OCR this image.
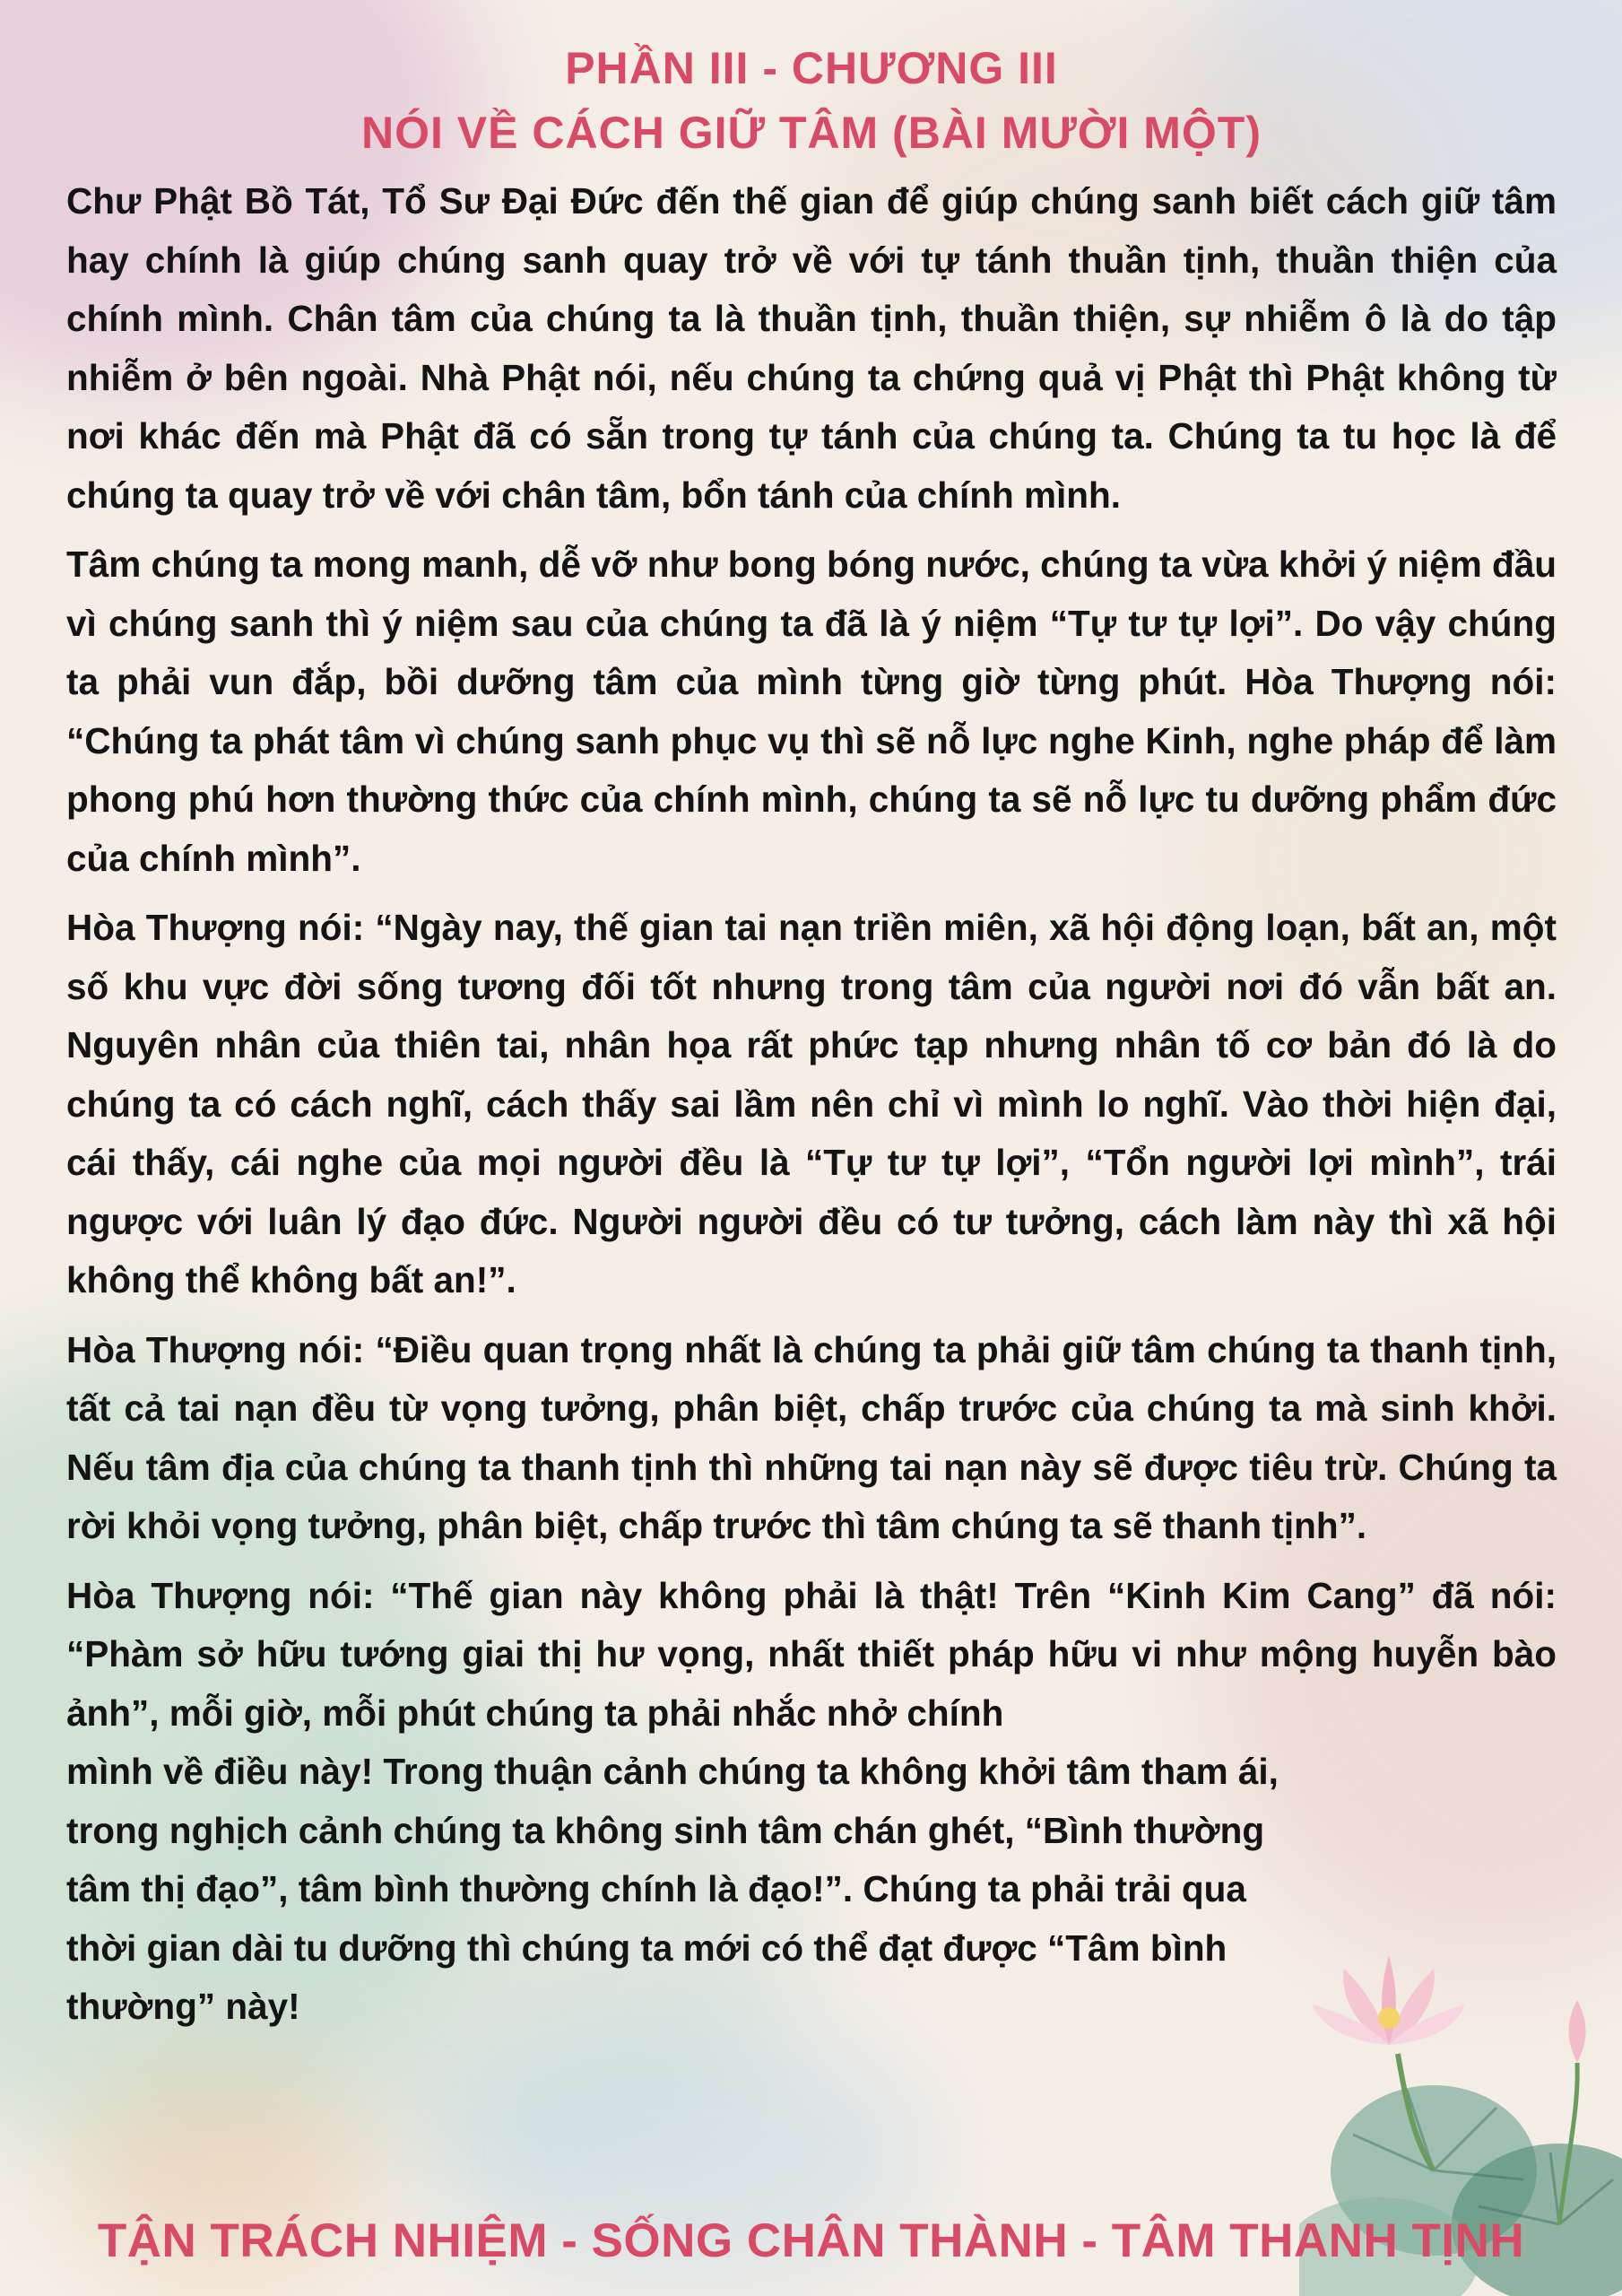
PHẦN III - CHƯƠNG III
NÓI VỀ CÁCH GIỮ TÂM (BÀI MƯỜI MỘT)

Chư Phật Bồ Tát, Tổ Sư Đại Đức đến thế gian để giúp chúng sanh biết cách giữ tâm hay chính là giúp chúng sanh quay trở về với tự tánh thuần tịnh, thuần thiện của chính mình. Chân tâm của chúng ta là thuần tịnh, thuần thiện, sự nhiễm ô là do tập nhiễm ở bên ngoài. Nhà Phật nói, nếu chúng ta chứng quả vị Phật thì Phật không từ nơi khác đến mà Phật đã có sẵn trong tự tánh của chúng ta. Chúng ta tu học là để chúng ta quay trở về với chân tâm, bổn tánh của chính mình.

Tâm chúng ta mong manh, dễ vỡ như bong bóng nước, chúng ta vừa khởi ý niệm đầu vì chúng sanh thì ý niệm sau của chúng ta đã là ý niệm “Tự tư tự lợi”. Do vậy chúng ta phải vun đắp, bồi dưỡng tâm của mình từng giờ từng phút. Hòa Thượng nói: “Chúng ta phát tâm vì chúng sanh phục vụ thì sẽ nỗ lực nghe Kinh, nghe pháp để làm phong phú hơn thường thức của chính mình, chúng ta sẽ nỗ lực tu dưỡng phẩm đức của chính mình”.

Hòa Thượng nói: “Ngày nay, thế gian tai nạn triền miên, xã hội động loạn, bất an, một số khu vực đời sống tương đối tốt nhưng trong tâm của người nơi đó vẫn bất an. Nguyên nhân của thiên tai, nhân họa rất phức tạp nhưng nhân tố cơ bản đó là do chúng ta có cách nghĩ, cách thấy sai lầm nên chỉ vì mình lo nghĩ. Vào thời hiện đại, cái thấy, cái nghe của mọi người đều là “Tự tư tự lợi”, “Tổn người lợi mình”, trái ngược với luân lý đạo đức. Người người đều có tư tưởng, cách làm này thì xã hội không thể không bất an!”.

Hòa Thượng nói: “Điều quan trọng nhất là chúng ta phải giữ tâm chúng ta thanh tịnh, tất cả tai nạn đều từ vọng tưởng, phân biệt, chấp trước của chúng ta mà sinh khởi. Nếu tâm địa của chúng ta thanh tịnh thì những tai nạn này sẽ được tiêu trừ. Chúng ta rời khỏi vọng tưởng, phân biệt, chấp trước thì tâm chúng ta sẽ thanh tịnh”.

Hòa Thượng nói: “Thế gian này không phải là thật! Trên “Kinh Kim Cang” đã nói: “Phàm sở hữu tướng giai thị hư vọng, nhất thiết pháp hữu vi như mộng huyễn bào ảnh”, mỗi giờ, mỗi phút chúng ta phải nhắc nhở chính

mình về điều này! Trong thuận cảnh chúng ta không khởi tâm tham ái, trong nghịch cảnh chúng ta không sinh tâm chán ghét, “Bình thường tâm thị đạo”, tâm bình thường chính là đạo!”. Chúng ta phải trải qua thời gian dài tu dưỡng thì chúng ta mới có thể đạt được “Tâm bình thường” này!

TẬN TRÁCH NHIỆM - SỐNG CHÂN THÀNH - TÂM THANH TỊNH
